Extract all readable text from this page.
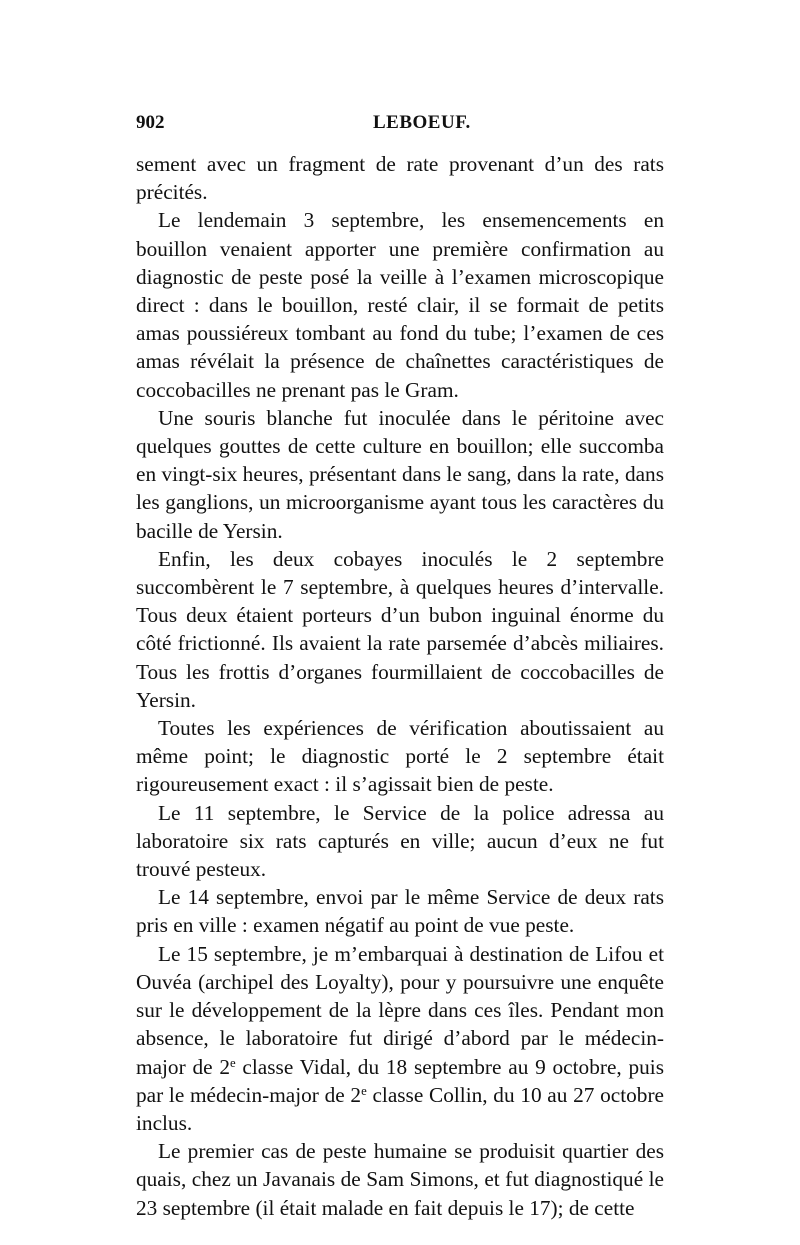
902	LEBOEUF.

sement avec un fragment de rate provenant d’un des rats précités.

Le lendemain 3 septembre, les ensemencements en bouillon venaient apporter une première confirmation au diagnostic de peste posé la veille à l’examen microscopique direct : dans le bouillon, resté clair, il se formait de petits amas poussiéreux tombant au fond du tube; l’examen de ces amas révélait la présence de chaînettes caractéristiques de coccobacilles ne prenant pas le Gram.

Une souris blanche fut inoculée dans le péritoine avec quelques gouttes de cette culture en bouillon; elle succomba en vingt-six heures, présentant dans le sang, dans la rate, dans les ganglions, un microorganisme ayant tous les caractères du bacille de Yersin.

Enfin, les deux cobayes inoculés le 2 septembre succombèrent le 7 septembre, à quelques heures d’intervalle. Tous deux étaient porteurs d’un bubon inguinal énorme du côté frictionné. Ils avaient la rate parsemée d’abcès miliaires. Tous les frottis d’organes fourmillaient de coccobacilles de Yersin.

Toutes les expériences de vérification aboutissaient au même point; le diagnostic porté le 2 septembre était rigoureusement exact : il s’agissait bien de peste.

Le 11 septembre, le Service de la police adressa au laboratoire six rats capturés en ville; aucun d’eux ne fut trouvé pesteux.

Le 14 septembre, envoi par le même Service de deux rats pris en ville : examen négatif au point de vue peste.

Le 15 septembre, je m’embarquai à destination de Lifou et Ouvéa (archipel des Loyalty), pour y poursuivre une enquête sur le développement de la lèpre dans ces îles. Pendant mon absence, le laboratoire fut dirigé d’abord par le médecin-major de 2e classe Vidal, du 18 septembre au 9 octobre, puis par le médecin-major de 2e classe Collin, du 10 au 27 octobre inclus.

Le premier cas de peste humaine se produisit quartier des quais, chez un Javanais de Sam Simons, et fut diagnostiqué le 23 septembre (il était malade en fait depuis le 17); de cette
